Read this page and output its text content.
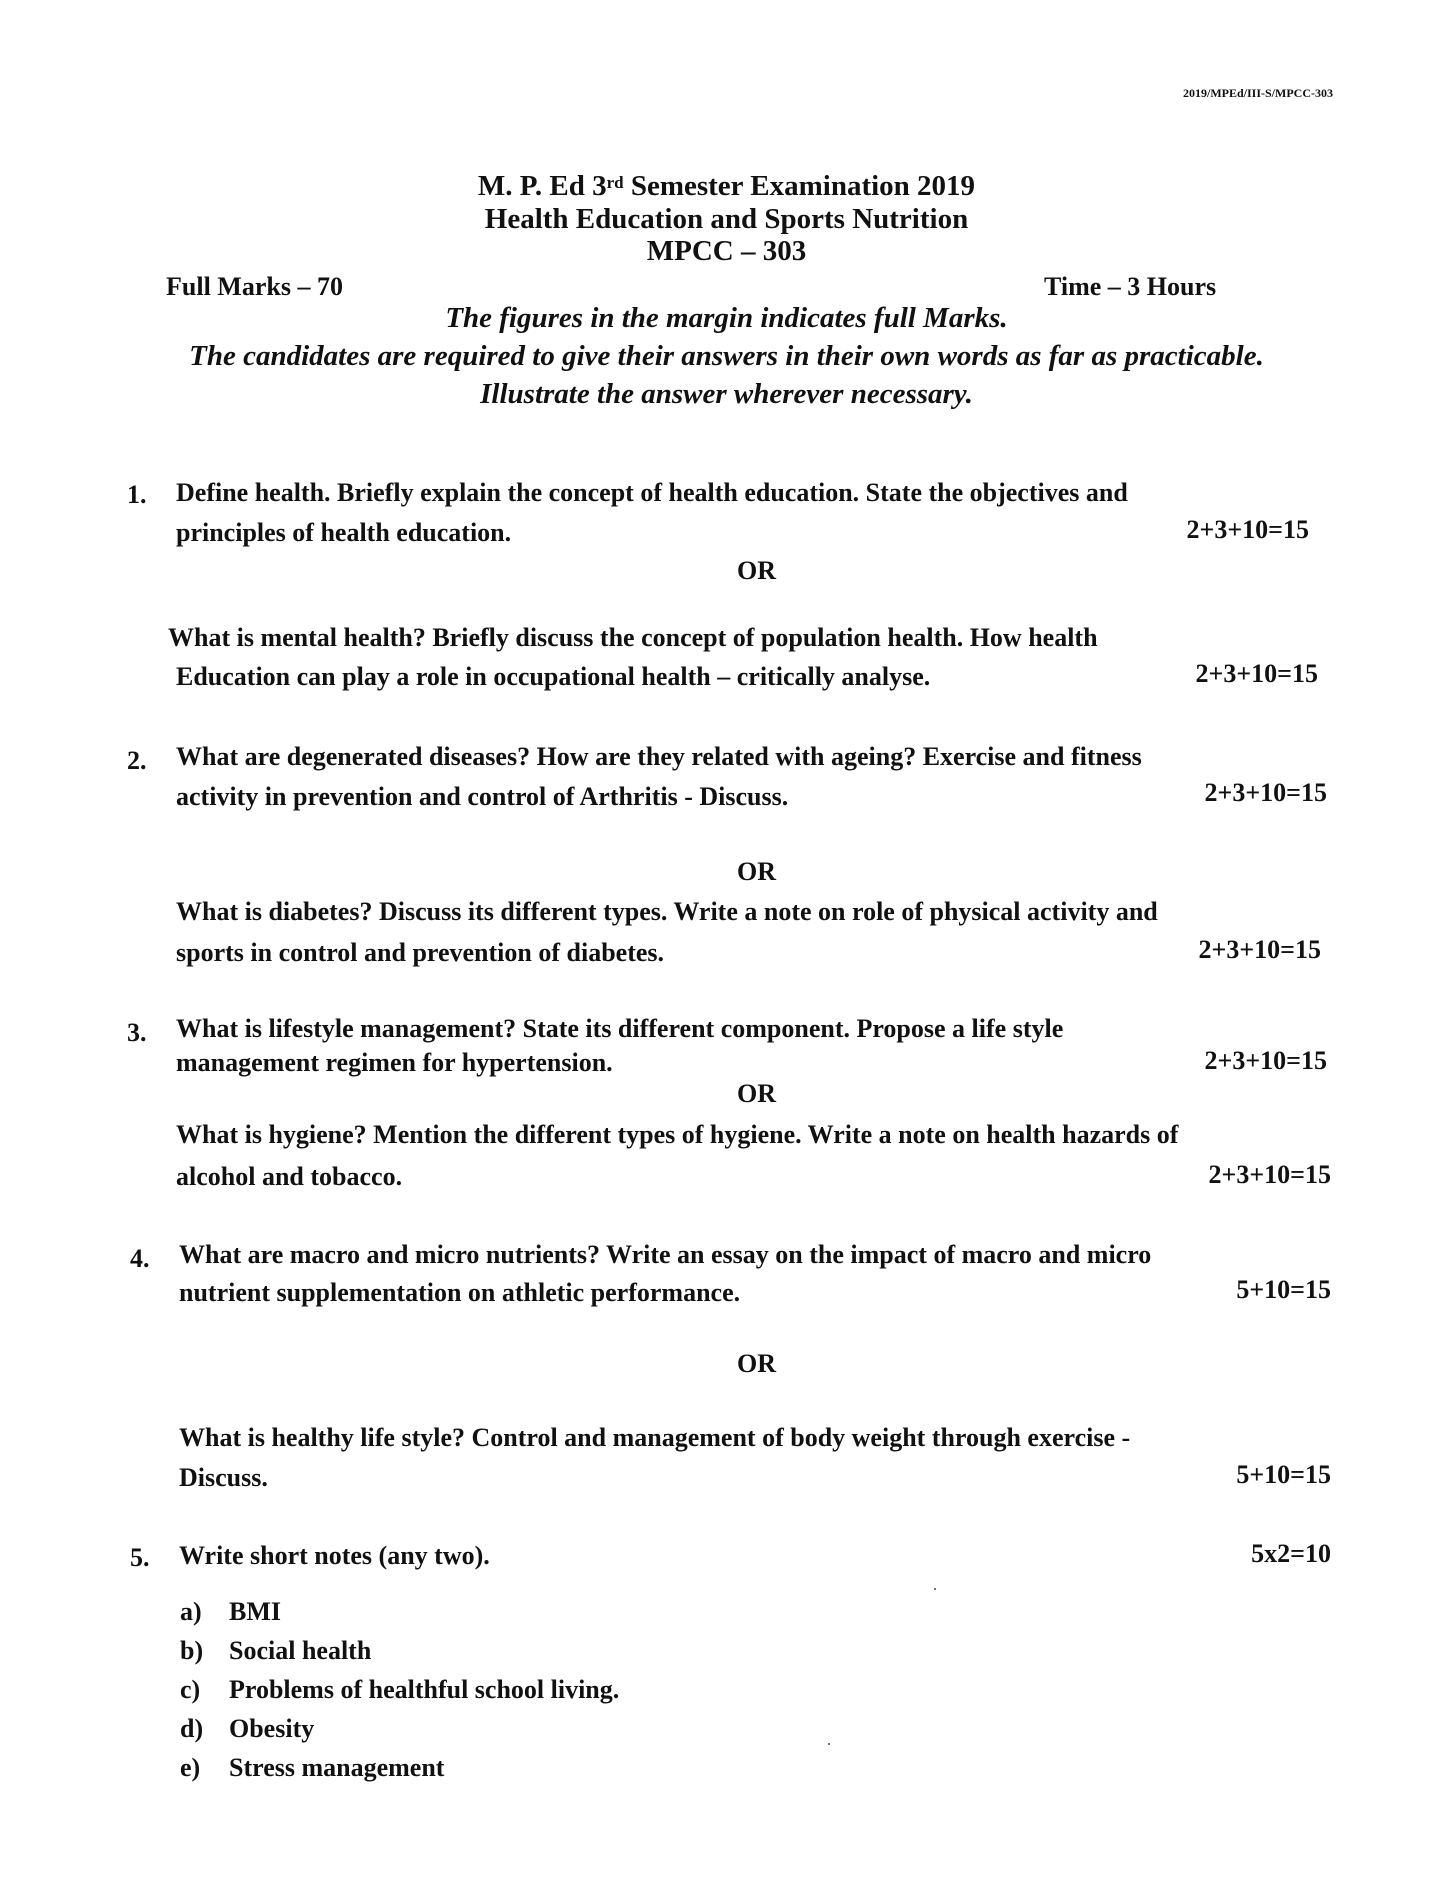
2019/MPEd/III-S/MPCC-303
M. P. Ed 3rd Semester Examination 2019
Health Education and Sports Nutrition
MPCC – 303
Full Marks – 70	Time – 3 Hours
The figures in the margin indicates full Marks.
The candidates are required to give their answers in their own words as far as practicable.
Illustrate the answer wherever necessary.
1. Define health. Briefly explain the concept of health education. State the objectives and
principles of health education.	2+3+10=15
OR
What is mental health? Briefly discuss the concept of population health. How health
Education can play a role in occupational health – critically analyse.	2+3+10=15
2. What are degenerated diseases? How are they related with ageing? Exercise and fitness
activity in prevention and control of Arthritis - Discuss.	2+3+10=15
OR
What is diabetes? Discuss its different types. Write a note on role of physical activity and
sports in control and prevention of diabetes.	2+3+10=15
3. What is lifestyle management? State its different component. Propose a life style
management regimen for hypertension.	2+3+10=15
OR
What is hygiene? Mention the different types of hygiene. Write a note on health hazards of
alcohol and tobacco.	2+3+10=15
4. What are macro and micro nutrients? Write an essay on the impact of macro and micro
nutrient supplementation on athletic performance.	5+10=15
OR
What is healthy life style? Control and management of body weight through exercise -
Discuss.	5+10=15
5. Write short notes (any two).	5x2=10
a) BMI
b) Social health
c) Problems of healthful school living.
d) Obesity
e) Stress management
